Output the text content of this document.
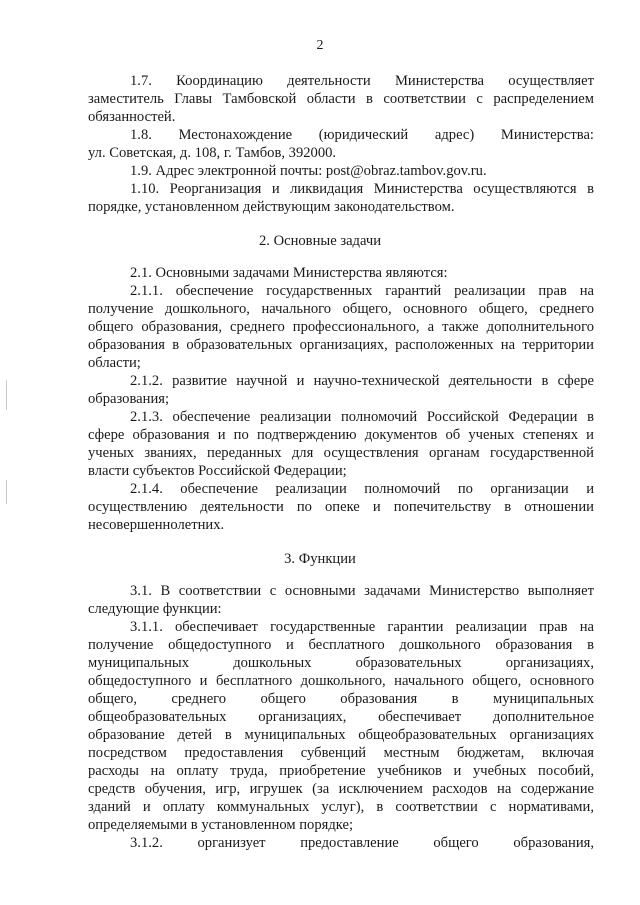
2
1.7. Координацию деятельности Министерства осуществляет
заместитель Главы Тамбовской области в соответствии с распределением
обязанностей.
1.8. Местонахождение (юридический адрес) Министерства:
ул. Советская, д. 108, г. Тамбов, 392000.
1.9. Адрес электронной почты: post@obraz.tambov.gov.ru.
1.10. Реорганизация и ликвидация Министерства осуществляются в
порядке, установленном действующим законодательством.
2. Основные задачи
2.1. Основными задачами Министерства являются:
2.1.1. обеспечение государственных гарантий реализации прав на
получение дошкольного, начального общего, основного общего, среднего
общего образования, среднего профессионального, а также дополнительного
образования в образовательных организациях, расположенных на территории
области;
2.1.2. развитие научной и научно-технической деятельности в сфере
образования;
2.1.3. обеспечение реализации полномочий Российской Федерации в
сфере образования и по подтверждению документов об ученых степенях и
ученых званиях, переданных для осуществления органам государственной
власти субъектов Российской Федерации;
2.1.4. обеспечение реализации полномочий по организации и
осуществлению деятельности по опеке и попечительству в отношении
несовершеннолетних.
3. Функции
3.1. В соответствии с основными задачами Министерство выполняет
следующие функции:
3.1.1. обеспечивает государственные гарантии реализации прав на
получение общедоступного и бесплатного дошкольного образования в
муниципальных дошкольных образовательных организациях,
общедоступного и бесплатного дошкольного, начального общего, основного
общего, среднего общего образования в муниципальных
общеобразовательных организациях, обеспечивает дополнительное
образование детей в муниципальных общеобразовательных организациях
посредством предоставления субвенций местным бюджетам, включая
расходы на оплату труда, приобретение учебников и учебных пособий,
средств обучения, игр, игрушек (за исключением расходов на содержание
зданий и оплату коммунальных услуг), в соответствии с нормативами,
определяемыми в установленном порядке;
3.1.2. организует предоставление общего образования,
